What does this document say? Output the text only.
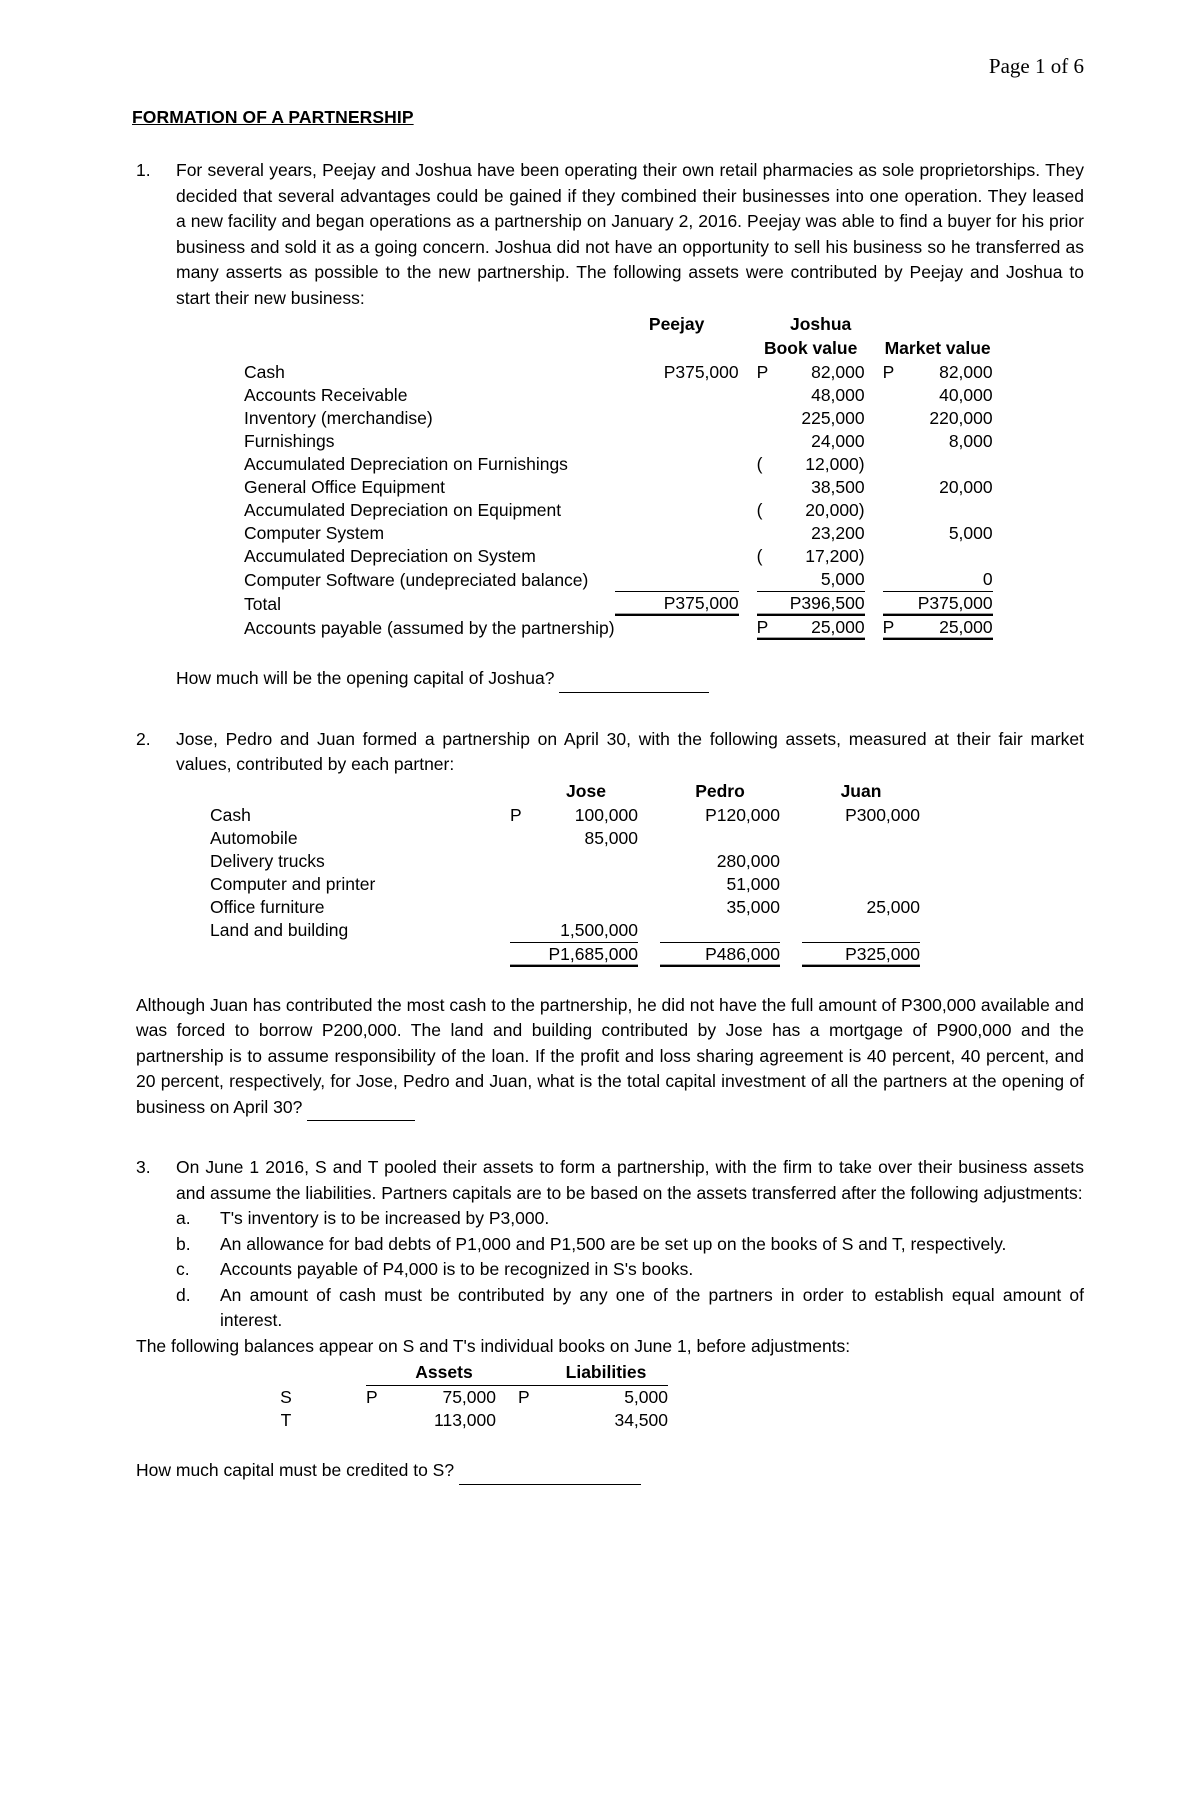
Page 1 of 6
FORMATION OF A PARTNERSHIP
1. For several years, Peejay and Joshua have been operating their own retail pharmacies as sole proprietorships. They decided that several advantages could be gained if they combined their businesses into one operation. They leased a new facility and began operations as a partnership on January 2, 2016. Peejay was able to find a buyer for his prior business and sold it as a going concern. Joshua did not have an opportunity to sell his business so he transferred as many asserts as possible to the new partnership. The following assets were contributed by Peejay and Joshua to start their new business:

	Peejay			Joshua			
			Book value			Market value	
Cash	P375,000		P	82,000		P	82,000
Accounts Receivable				48,000			40,000
Inventory (merchandise)				225,000			220,000
Furnishings				24,000			8,000
Accumulated Depreciation on Furnishings			(	12,000)			
General Office Equipment				38,500			20,000
Accumulated Depreciation on Equipment			(	20,000)			
Computer System				23,200			5,000
Accumulated Depreciation on System			(	17,200)			
Computer Software (undepreciated balance)				5,000			0
Total	P375,000			P396,500			P375,000
Accounts payable (assumed by the partnership)			P	25,000		P	25,000

How much will be the opening capital of Joshua?

2. Jose, Pedro and Juan formed a partnership on April 30, with the following assets, measured at their fair market values, contributed by each partner:

		Jose		Pedro		Juan
Cash	P	100,000		P120,000		P300,000
Automobile		85,000				
Delivery trucks				280,000		
Computer and printer				51,000		
Office furniture				35,000		25,000
Land and building		1,500,000				
		P1,685,000		P486,000		P325,000

Although Juan has contributed the most cash to the partnership, he did not have the full amount of P300,000 available and was forced to borrow P200,000. The land and building contributed by Jose has a mortgage of P900,000 and the partnership is to assume responsibility of the loan. If the profit and loss sharing agreement is 40 percent, 40 percent, and 20 percent, respectively, for Jose, Pedro and Juan, what is the total capital investment of all the partners at the opening of business on April 30?

3. On June 1 2016, S and T pooled their assets to form a partnership, with the firm to take over their business assets and assume the liabilities. Partners capitals are to be based on the assets transferred after the following adjustments:

a. T's inventory is to be increased by P3,000.
b. An allowance for bad debts of P1,000 and P1,500 are be set up on the books of S and T, respectively.
c. Accounts payable of P4,000 is to be recognized in S's books.
d. An amount of cash must be contributed by any one of the partners in order to establish equal amount of interest.

The following balances appear on S and T's individual books on June 1, before adjustments:

		Assets			Liabilities
S	P	75,000		P	5,000
T		113,000			34,500

How much capital must be credited to S?
